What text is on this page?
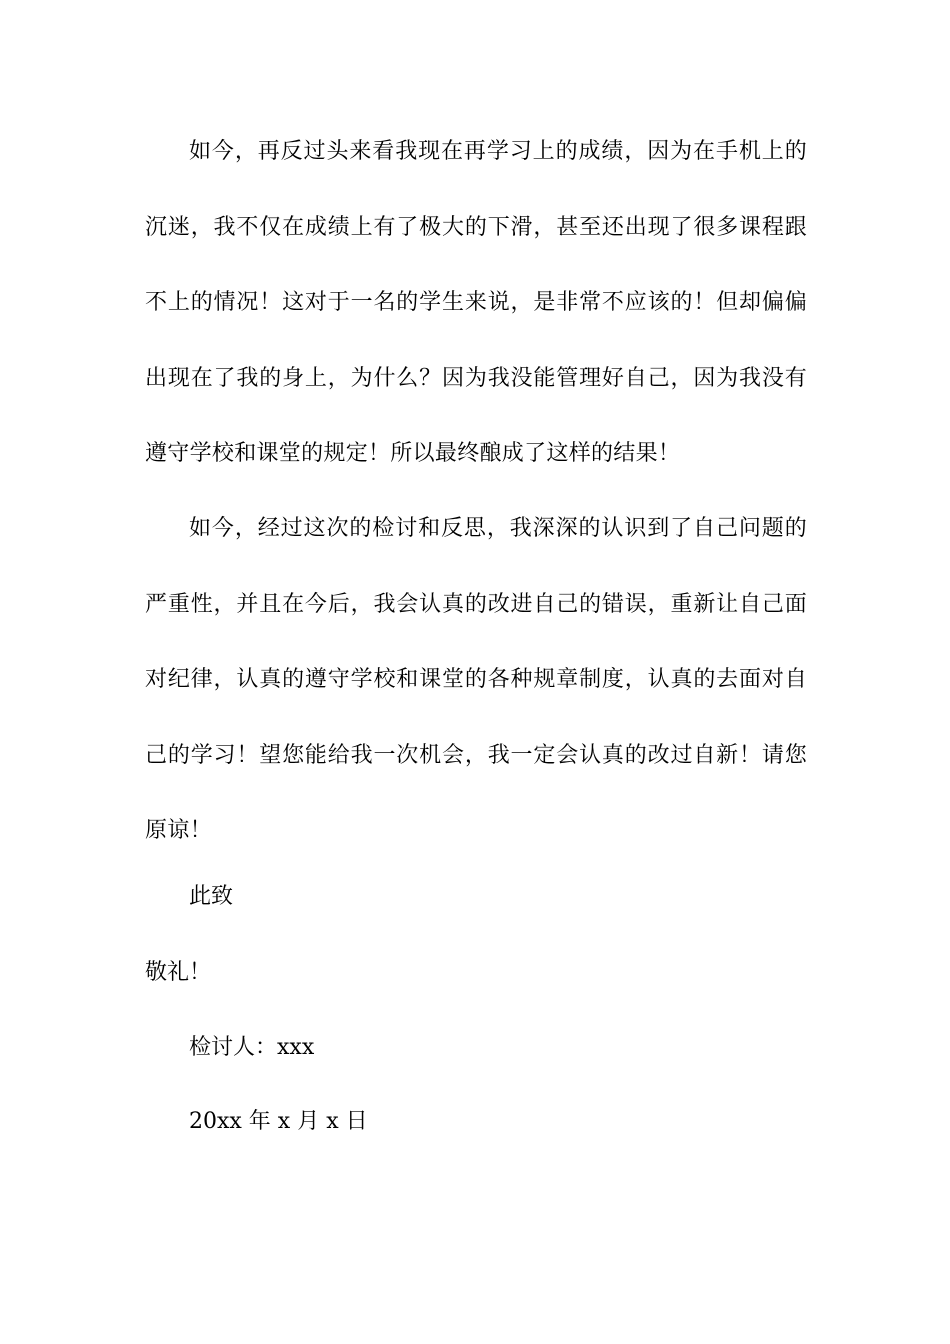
如今，再反过头来看我现在再学习上的成绩，因为在手机上的沉迷，我不仅在成绩上有了极大的下滑，甚至还出现了很多课程跟不上的情况！这对于一名的学生来说，是非常不应该的！但却偏偏出现在了我的身上，为什么？因为我没能管理好自己，因为我没有遵守学校和课堂的规定！所以最终酿成了这样的结果！

如今，经过这次的检讨和反思，我深深的认识到了自己问题的严重性，并且在今后，我会认真的改进自己的错误，重新让自己面对纪律，认真的遵守学校和课堂的各种规章制度，认真的去面对自己的学习！望您能给我一次机会，我一定会认真的改过自新！请您原谅！

此致

敬礼！

检讨人：xxx

20xx 年 x 月 x 日
